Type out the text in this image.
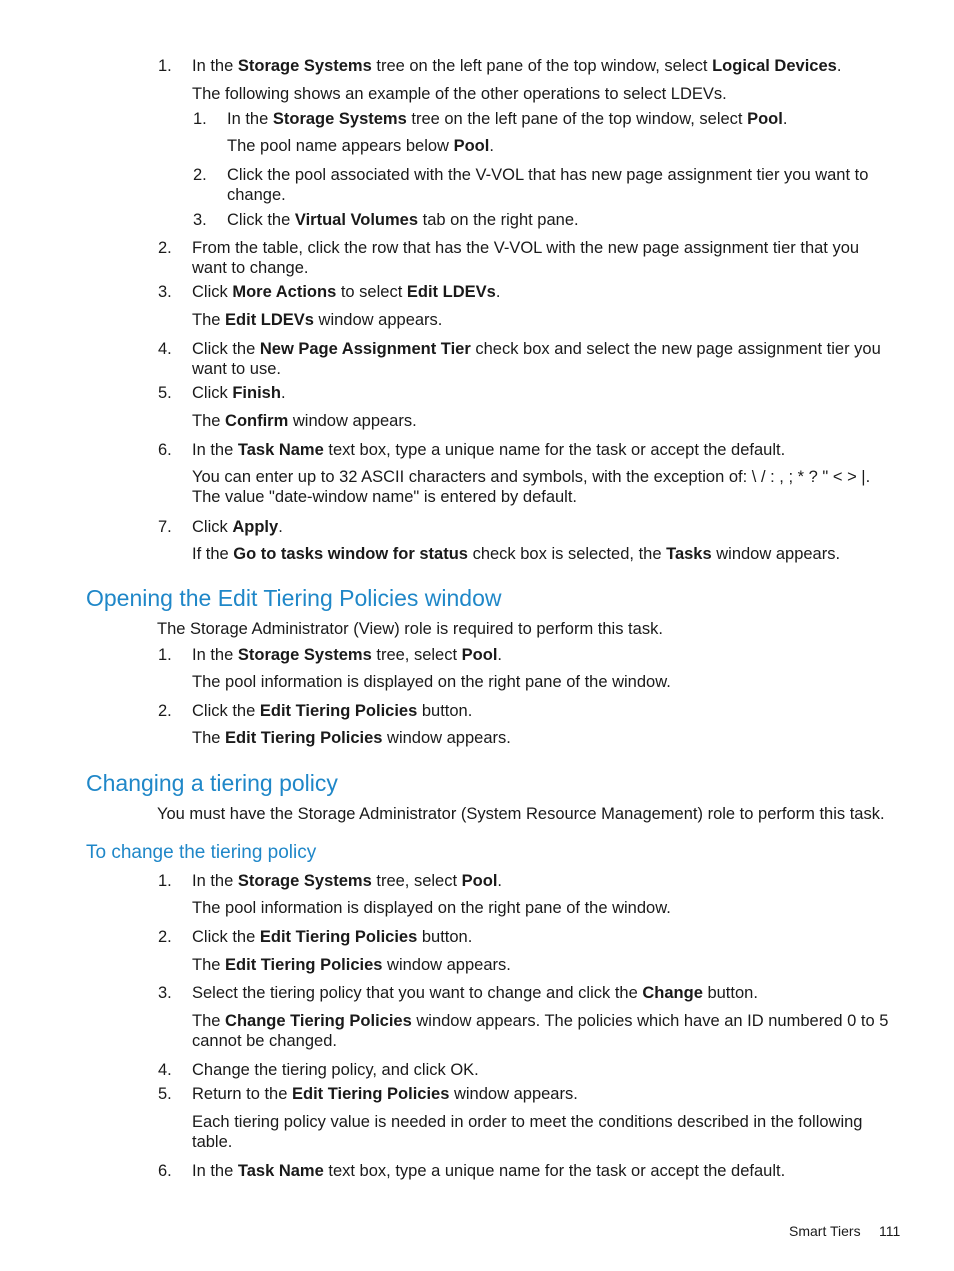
1. In the Storage Systems tree on the left pane of the top window, select Logical Devices.
The following shows an example of the other operations to select LDEVs.
1. In the Storage Systems tree on the left pane of the top window, select Pool.
The pool name appears below Pool.
2. Click the pool associated with the V-VOL that has new page assignment tier you want to change.
3. Click the Virtual Volumes tab on the right pane.
2. From the table, click the row that has the V-VOL with the new page assignment tier that you want to change.
3. Click More Actions to select Edit LDEVs.
The Edit LDEVs window appears.
4. Click the New Page Assignment Tier check box and select the new page assignment tier you want to use.
5. Click Finish.
The Confirm window appears.
6. In the Task Name text box, type a unique name for the task or accept the default.
You can enter up to 32 ASCII characters and symbols, with the exception of: \ / : , ; * ? " < > |. The value "date-window name" is entered by default.
7. Click Apply.
If the Go to tasks window for status check box is selected, the Tasks window appears.
Opening the Edit Tiering Policies window
The Storage Administrator (View) role is required to perform this task.
1. In the Storage Systems tree, select Pool.
The pool information is displayed on the right pane of the window.
2. Click the Edit Tiering Policies button.
The Edit Tiering Policies window appears.
Changing a tiering policy
You must have the Storage Administrator (System Resource Management) role to perform this task.
To change the tiering policy
1. In the Storage Systems tree, select Pool.
The pool information is displayed on the right pane of the window.
2. Click the Edit Tiering Policies button.
The Edit Tiering Policies window appears.
3. Select the tiering policy that you want to change and click the Change button.
The Change Tiering Policies window appears. The policies which have an ID numbered 0 to 5 cannot be changed.
4. Change the tiering policy, and click OK.
5. Return to the Edit Tiering Policies window appears.
Each tiering policy value is needed in order to meet the conditions described in the following table.
6. In the Task Name text box, type a unique name for the task or accept the default.
Smart Tiers 111
